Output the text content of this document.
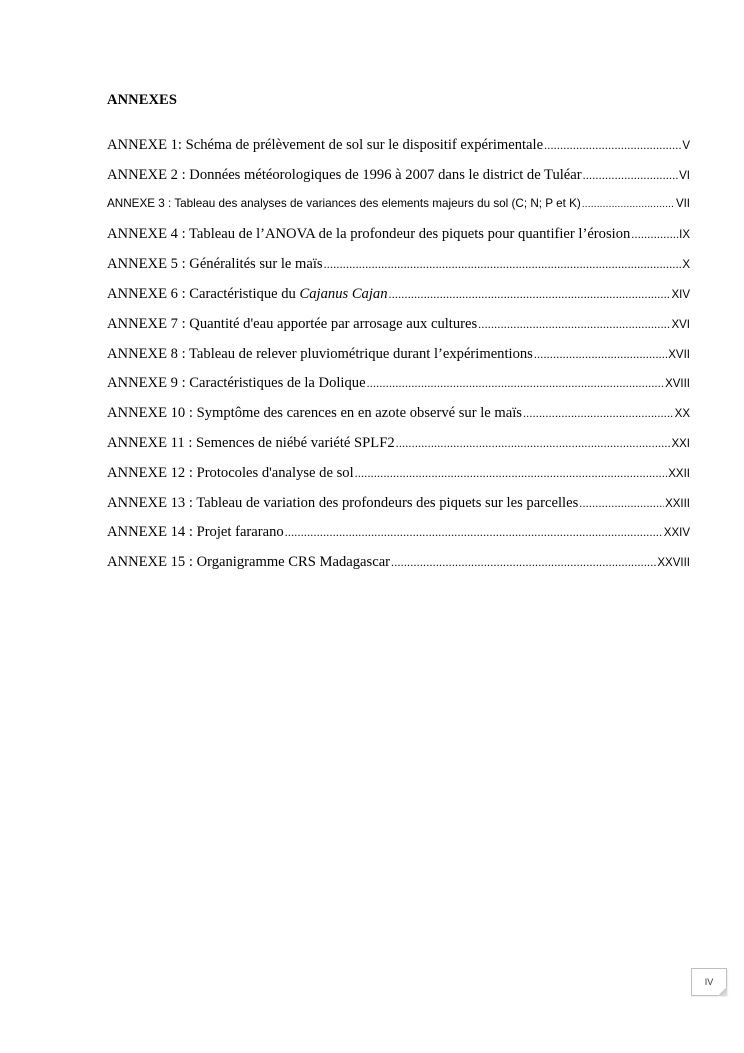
ANNEXES
ANNEXE 1: Schéma de prélèvement de sol sur le dispositif expérimentale .....	V
ANNEXE 2 : Données météorologiques de 1996 à 2007 dans le district de Tuléar .....	VI
ANNEXE 3 : Tableau des analyses de variances des elements majeurs du sol (C; N; P et K) .....	VII
ANNEXE 4 : Tableau de l’ANOVA de la profondeur des piquets pour quantifier l’érosion .....	IX
ANNEXE 5 : Généralités sur le maïs .....	X
ANNEXE 6 : Caractéristique du Cajanus Cajan .....	XIV
ANNEXE 7 : Quantité d'eau apportée par arrosage aux cultures .....	XVI
ANNEXE 8 : Tableau de relever pluviométrique durant l’expérimentions .....	XVII
ANNEXE 9 : Caractéristiques de la Dolique .....	XVIII
ANNEXE 10 : Symptôme des carences en en azote observé sur le maïs .....	XX
ANNEXE 11 : Semences de niébé variété SPLF2 .....	XXI
ANNEXE 12 : Protocoles d'analyse de sol .....	XXII
ANNEXE 13 : Tableau de variation des profondeurs des piquets sur les parcelles .....	XXIII
ANNEXE 14 : Projet fararano .....	XXIV
ANNEXE 15 : Organigramme CRS Madagascar .....	XXVIII
IV
